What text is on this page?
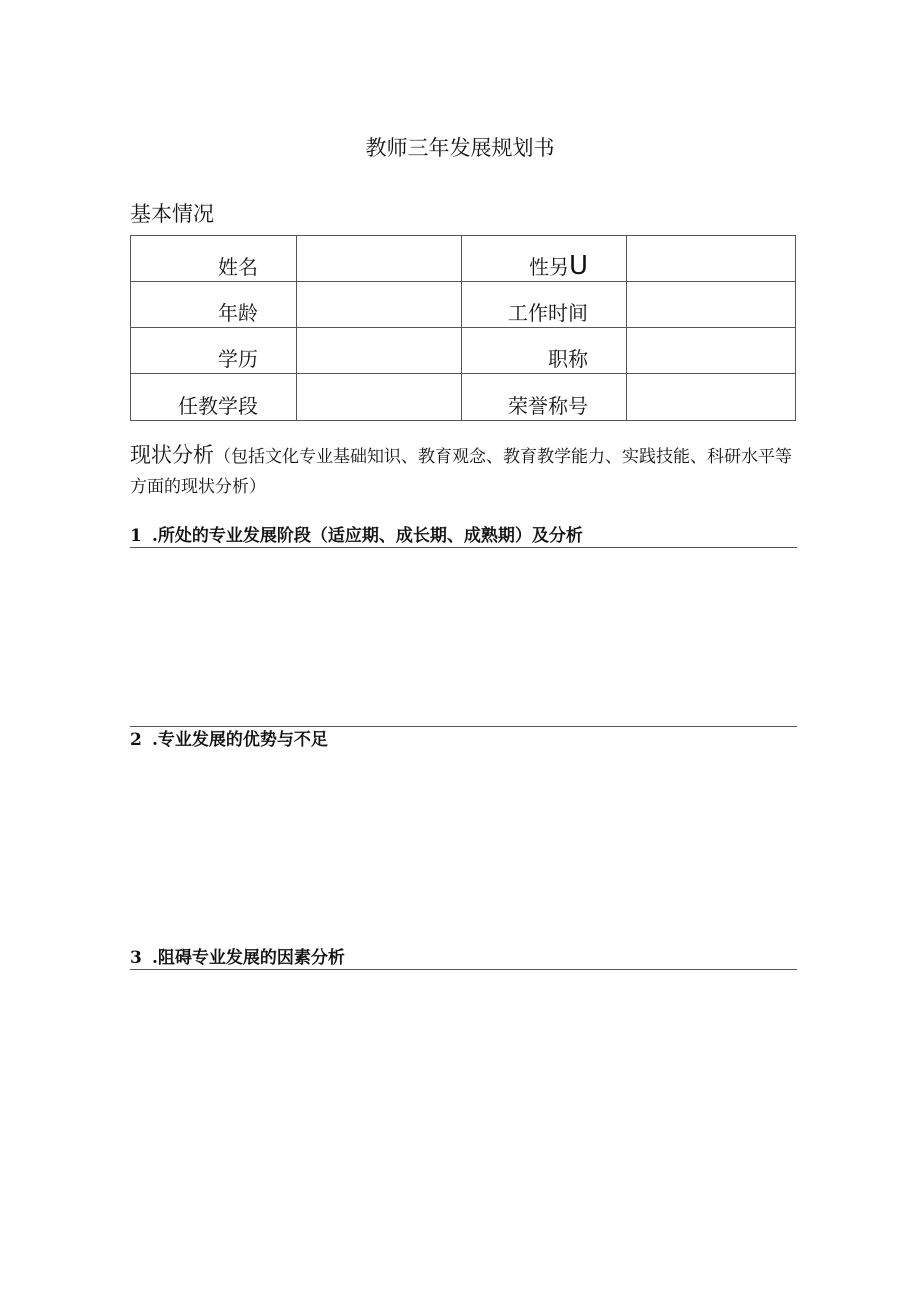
教师三年发展规划书
基本情况
姓名		性另U	
年龄		工作时间	
学历		职称	
任教学段		荣誉称号	
现状分析（包括文化专业基础知识、教育观念、教育教学能力、实践技能、科研水平等方面的现状分析）
1 .所处的专业发展阶段（适应期、成长期、成熟期）及分析
2 .专业发展的优势与不足
3 .阻碍专业发展的因素分析
